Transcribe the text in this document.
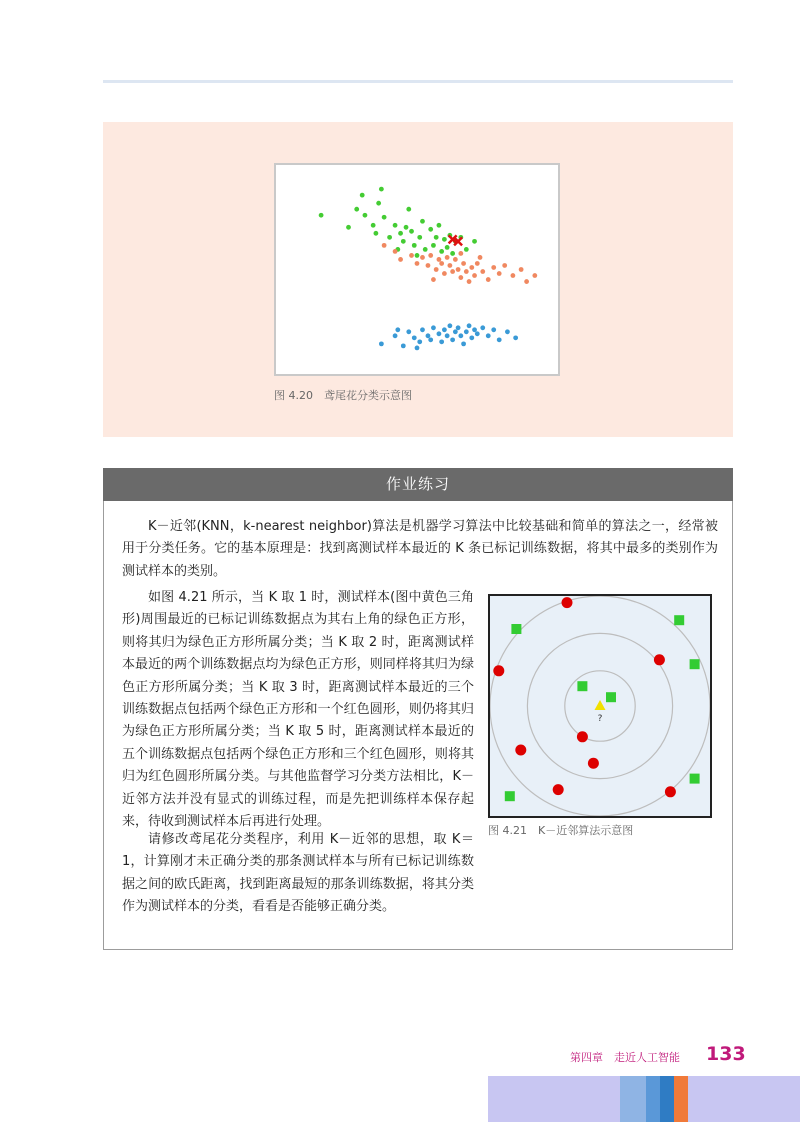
图 4.20　鸢尾花分类示意图
作业练习
K－近邻(KNN，k-nearest neighbor)算法是机器学习算法中比较基础和简单的算法之一，经常被用于分类任务。它的基本原理是：找到离测试样本最近的 K 条已标记训练数据，将其中最多的类别作为测试样本的类别。
如图 4.21 所示，当 K 取 1 时，测试样本(图中黄色三角形)周围最近的已标记训练数据点为其右上角的绿色正方形，则将其归为绿色正方形所属分类；当 K 取 2 时，距离测试样本最近的两个训练数据点均为绿色正方形，则同样将其归为绿色正方形所属分类；当 K 取 3 时，距离测试样本最近的三个训练数据点包括两个绿色正方形和一个红色圆形，则仍将其归为绿色正方形所属分类；当 K 取 5 时，距离测试样本最近的五个训练数据点包括两个绿色正方形和三个红色圆形，则将其归为红色圆形所属分类。与其他监督学习分类方法相比，K－近邻方法并没有显式的训练过程，而是先把训练样本保存起来，待收到测试样本后再进行处理。
请修改鸢尾花分类程序，利用 K－近邻的思想，取 K＝ 1，计算刚才未正确分类的那条测试样本与所有已标记训练数据之间的欧氏距离，找到距离最短的那条训练数据，将其分类作为测试样本的分类，看看是否能够正确分类。
?
图 4.21　K－近邻算法示意图
第四章　走近人工智能 133
